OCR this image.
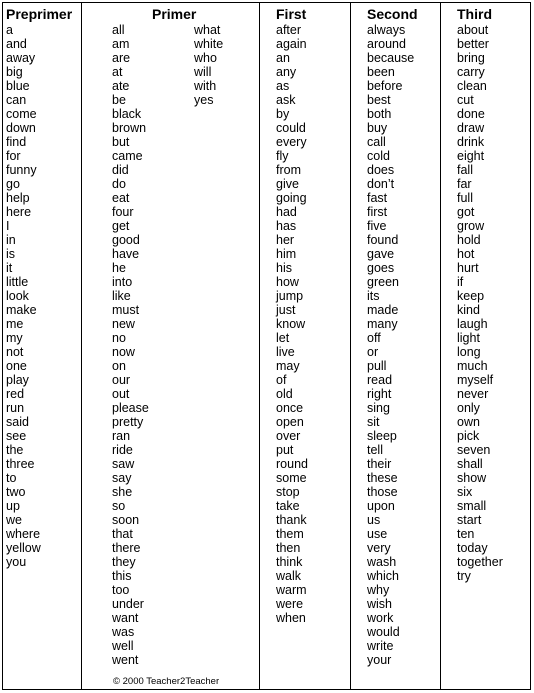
Preprimer
a
and
away
big
blue
can
come
down
find
for
funny
go
help
here
I
in
is
it
little
look
make
me
my
not
one
play
red
run
said
see
the
three
to
two
up
we
where
yellow
you
Primer
all
am
are
at
ate
be
black
brown
but
came
did
do
eat
four
get
good
have
he
into
like
must
new
no
now
on
our
out
please
pretty
ran
ride
saw
say
she
so
soon
that
there
they
this
too
under
want
was
well
went
what
white
who
will
with
yes
First
after
again
an
any
as
ask
by
could
every
fly
from
give
going
had
has
her
him
his
how
jump
just
know
let
live
may
of
old
once
open
over
put
round
some
stop
take
thank
them
then
think
walk
warm
were
when
Second
always
around
because
been
before
best
both
buy
call
cold
does
don’t
fast
first
five
found
gave
goes
green
its
made
many
off
or
pull
read
right
sing
sit
sleep
tell
their
these
those
upon
us
use
very
wash
which
why
wish
work
would
write
your
Third
about
better
bring
carry
clean
cut
done
draw
drink
eight
fall
far
full
got
grow
hold
hot
hurt
if
keep
kind
laugh
light
long
much
myself
never
only
own
pick
seven
shall
show
six
small
start
ten
today
together
try
© 2000 Teacher2Teacher
